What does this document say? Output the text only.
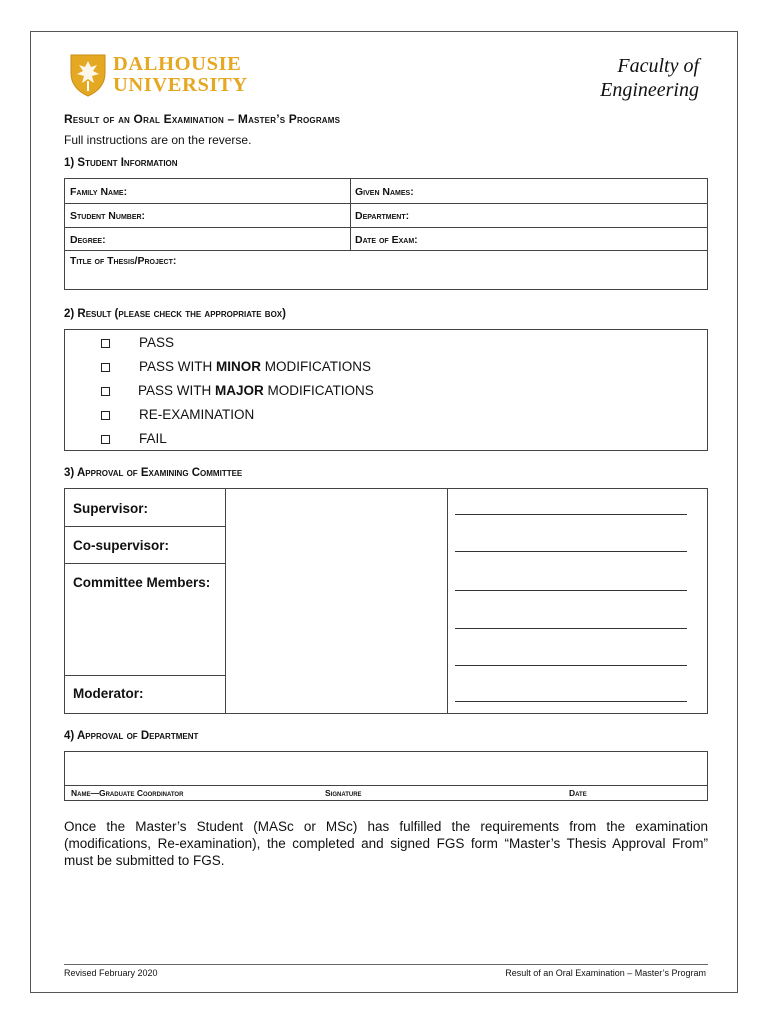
DALHOUSIE
UNIVERSITY
Faculty of
Engineering
Result of an Oral Examination – Master’s Programs
Full instructions are on the reverse.
1) Student Information
Family Name:	Given Names:
Student Number:	Department:
Degree:	Date of Exam:
Title of Thesis/Project:
2) Result (please check the appropriate box)
PASS
PASS WITH MINOR MODIFICATIONS
PASS WITH MAJOR MODIFICATIONS
RE-EXAMINATION
FAIL
3) Approval of Examining Committee
Supervisor:
Co-supervisor:
Committee Members:
Moderator:
4) Approval of Department
Name—Graduate Coordinator	Signature	Date
Once the Master’s Student (MASc or MSc) has fulfilled the requirements from the examination (modifications, Re-examination), the completed and signed FGS form “Master’s Thesis Approval From” must be submitted to FGS.
Revised February 2020	Result of an Oral Examination – Master’s Program
